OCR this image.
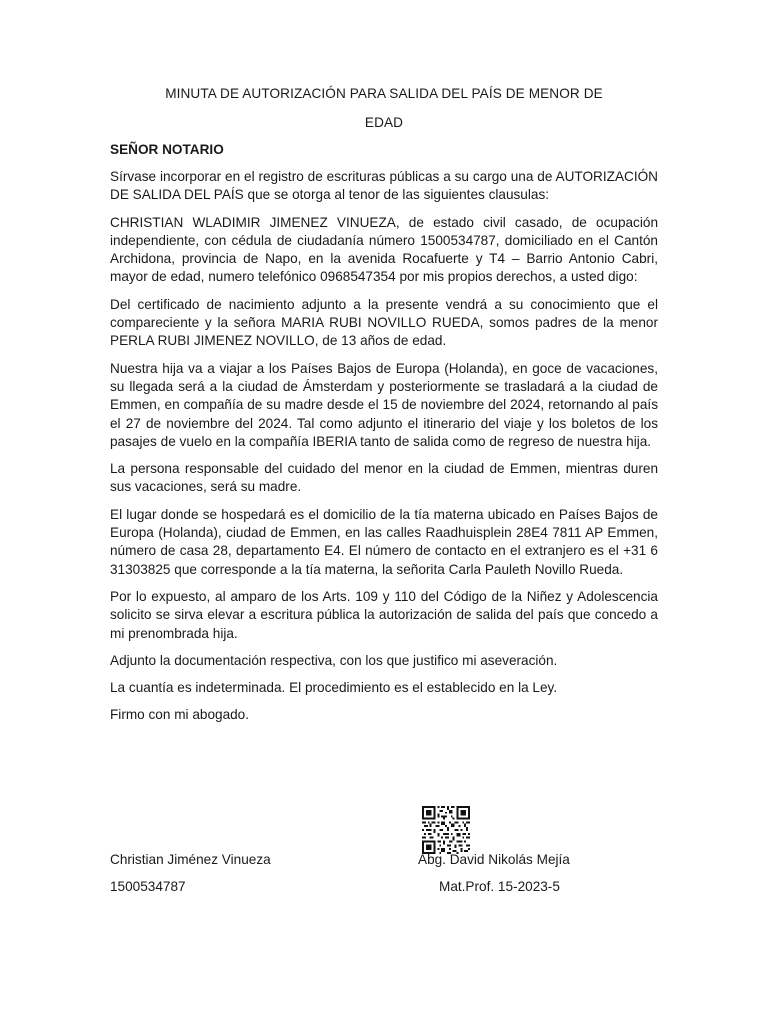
MINUTA DE AUTORIZACIÓN PARA SALIDA DEL PAÍS DE MENOR DE
EDAD
SEÑOR NOTARIO

Sírvase incorporar en el registro de escrituras públicas a su cargo una de AUTORIZACIÓN DE SALIDA DEL PAÍS que se otorga al tenor de las siguientes clausulas:

CHRISTIAN WLADIMIR JIMENEZ VINUEZA, de estado civil casado, de ocupación independiente, con cédula de ciudadanía número 1500534787, domiciliado en el Cantón Archidona, provincia de Napo, en la avenida Rocafuerte y T4 – Barrio Antonio Cabri, mayor de edad, numero telefónico 0968547354 por mis propios derechos, a usted digo:

Del certificado de nacimiento adjunto a la presente vendrá a su conocimiento que el compareciente y la señora MARIA RUBI NOVILLO RUEDA, somos padres de la menor PERLA RUBI JIMENEZ NOVILLO, de 13 años de edad.

Nuestra hija va a viajar a los Países Bajos de Europa (Holanda), en goce de vacaciones, su llegada será a la ciudad de Ámsterdam y posteriormente se trasladará a la ciudad de Emmen, en compañía de su madre desde el 15 de noviembre del 2024, retornando al país el 27 de noviembre del 2024. Tal como adjunto el itinerario del viaje y los boletos de los pasajes de vuelo en la compañía IBERIA tanto de salida como de regreso de nuestra hija.

La persona responsable del cuidado del menor en la ciudad de Emmen, mientras duren sus vacaciones, será su madre.

El lugar donde se hospedará es el domicilio de la tía materna ubicado en Países Bajos de Europa (Holanda), ciudad de Emmen, en las calles Raadhuisplein 28E4 7811 AP Emmen, número de casa 28, departamento E4. El número de contacto en el extranjero es el +31 6 31303825 que corresponde a la tía materna, la señorita Carla Pauleth Novillo Rueda.

Por lo expuesto, al amparo de los Arts. 109 y 110 del Código de la Niñez y Adolescencia solicito se sirva elevar a escritura pública la autorización de salida del país que concedo a mi prenombrada hija.

Adjunto la documentación respectiva, con los que justifico mi aseveración.

La cuantía es indeterminada. El procedimiento es el establecido en la Ley.

Firmo con mi abogado.

Christian Jiménez Vinueza
1500534787
Abg. David Nikolás Mejía
Mat.Prof. 15-2023-5
